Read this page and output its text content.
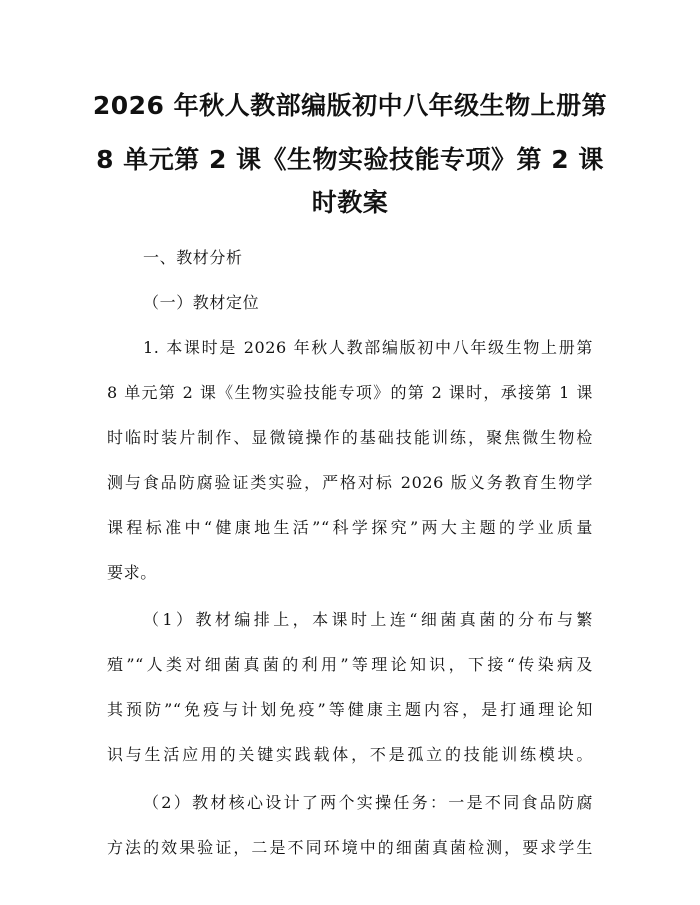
2026 年秋人教部编版初中八年级生物上册第
8 单元第 2 课《生物实验技能专项》第 2 课
时教案
一、教材分析
（一）教材定位
1. 本课时是 2026 年秋人教部编版初中八年级生物上册第
8 单元第 2 课《生物实验技能专项》的第 2 课时，承接第 1 课
时临时装片制作、显微镜操作的基础技能训练，聚焦微生物检
测与食品防腐验证类实验，严格对标 2026 版义务教育生物学
课程标准中“健康地生活”“科学探究”两大主题的学业质量
要求。
（1）教材编排上，本课时上连“细菌真菌的分布与繁
殖”“人类对细菌真菌的利用”等理论知识，下接“传染病及
其预防”“免疫与计划免疫”等健康主题内容，是打通理论知
识与生活应用的关键实践载体，不是孤立的技能训练模块。
（2）教材核心设计了两个实操任务：一是不同食品防腐
方法的效果验证，二是不同环境中的细菌真菌检测，要求学生
